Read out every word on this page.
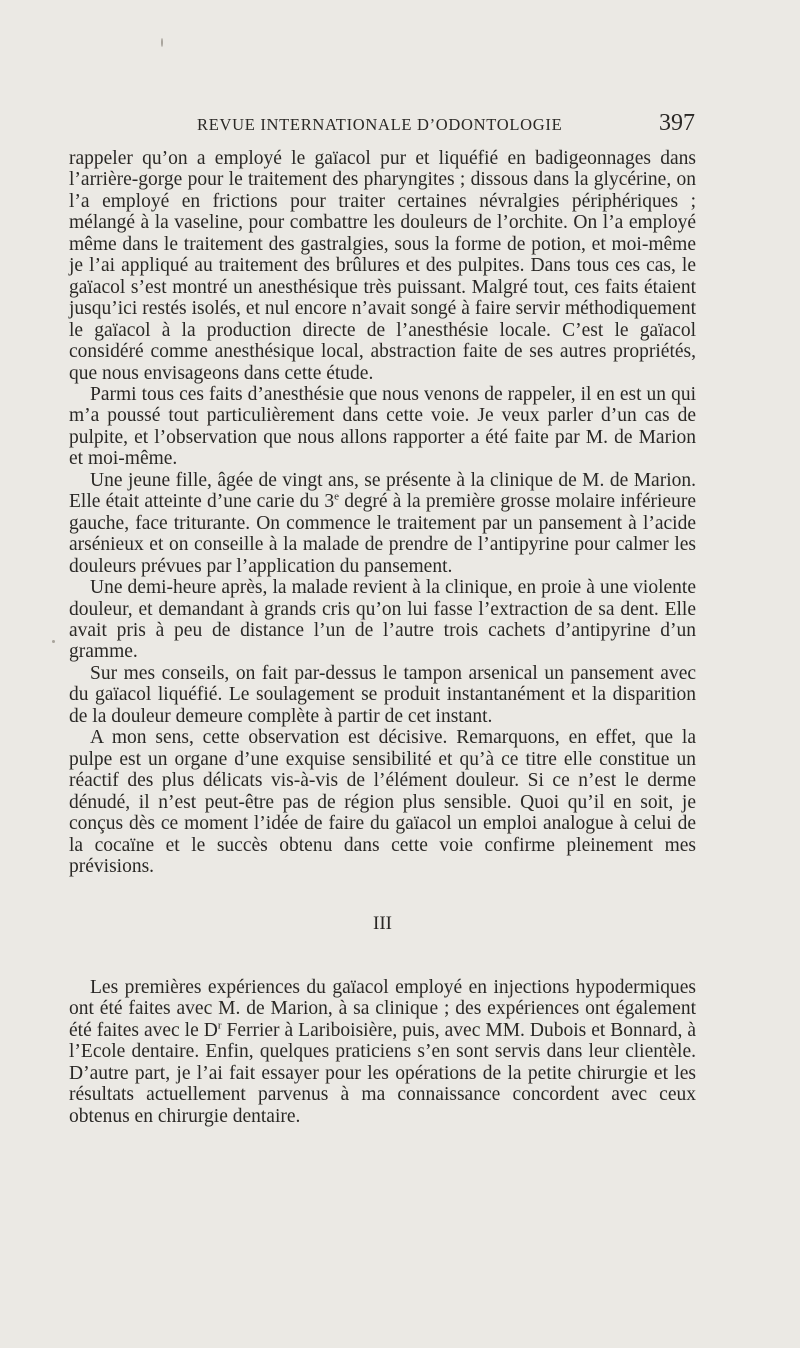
REVUE INTERNATIONALE D’ODONTOLOGIE	397

rappeler qu’on a employé le gaïacol pur et liquéfié en badigeonnages dans l’arrière-gorge pour le traitement des pharyngites ; dissous dans la glycérine, on l’a employé en frictions pour traiter certaines névralgies périphériques ; mélangé à la vaseline, pour combattre les douleurs de l’orchite. On l’a employé même dans le traitement des gastralgies, sous la forme de potion, et moi-même je l’ai appliqué au traitement des brûlures et des pulpites. Dans tous ces cas, le gaïacol s’est montré un anesthésique très puissant. Malgré tout, ces faits étaient jusqu’ici restés isolés, et nul encore n’avait songé à faire servir méthodiquement le gaïacol à la production directe de l’anesthésie locale. C’est le gaïacol considéré comme anesthésique local, abstraction faite de ses autres propriétés, que nous envisageons dans cette étude.

Parmi tous ces faits d’anesthésie que nous venons de rappeler, il en est un qui m’a poussé tout particulièrement dans cette voie. Je veux parler d’un cas de pulpite, et l’observation que nous allons rapporter a été faite par M. de Marion et moi-même.

Une jeune fille, âgée de vingt ans, se présente à la clinique de M. de Marion. Elle était atteinte d’une carie du 3e degré à la première grosse molaire inférieure gauche, face triturante. On commence le traitement par un pansement à l’acide arsénieux et on conseille à la malade de prendre de l’antipyrine pour calmer les douleurs prévues par l’application du pansement.

Une demi-heure après, la malade revient à la clinique, en proie à une violente douleur, et demandant à grands cris qu’on lui fasse l’extraction de sa dent. Elle avait pris à peu de distance l’un de l’autre trois cachets d’antipyrine d’un gramme.

Sur mes conseils, on fait par-dessus le tampon arsenical un pansement avec du gaïacol liquéfié. Le soulagement se produit instantanément et la disparition de la douleur demeure complète à partir de cet instant.

A mon sens, cette observation est décisive. Remarquons, en effet, que la pulpe est un organe d’une exquise sensibilité et qu’à ce titre elle constitue un réactif des plus délicats vis-à-vis de l’élément douleur. Si ce n’est le derme dénudé, il n’est peut-être pas de région plus sensible. Quoi qu’il en soit, je conçus dès ce moment l’idée de faire du gaïacol un emploi analogue à celui de la cocaïne et le succès obtenu dans cette voie confirme pleinement mes prévisions.

III

Les premières expériences du gaïacol employé en injections hypodermiques ont été faites avec M. de Marion, à sa clinique ; des expériences ont également été faites avec le $D^r$ Ferrier à Lariboisière, puis, avec MM. Dubois et Bonnard, à l’Ecole dentaire. Enfin, quelques praticiens s’en sont servis dans leur clientèle. D’autre part, je l’ai fait essayer pour les opérations de la petite chirurgie et les résultats actuellement parvenus à ma connaissance concordent avec ceux obtenus en chirurgie dentaire.
